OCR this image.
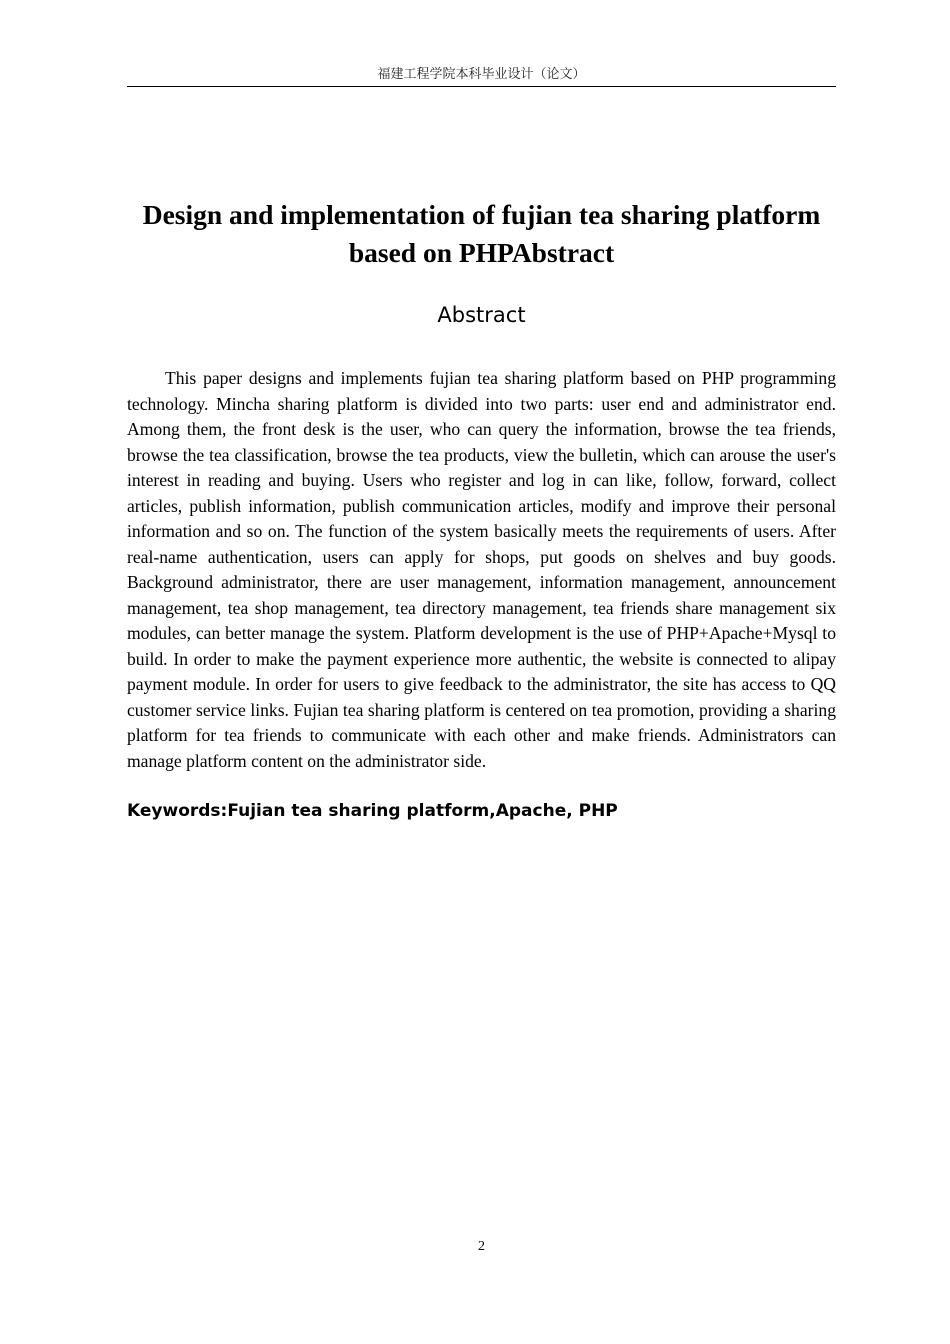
福建工程学院本科毕业设计（论文）
Design and implementation of fujian tea sharing platform based on PHPAbstract
Abstract

This paper designs and implements fujian tea sharing platform based on PHP programming technology. Mincha sharing platform is divided into two parts: user end and administrator end. Among them, the front desk is the user, who can query the information, browse the tea friends, browse the tea classification, browse the tea products, view the bulletin, which can arouse the user's interest in reading and buying. Users who register and log in can like, follow, forward, collect articles, publish information, publish communication articles, modify and improve their personal information and so on. The function of the system basically meets the requirements of users. After real-name authentication, users can apply for shops, put goods on shelves and buy goods. Background administrator, there are user management, information management, announcement management, tea shop management, tea directory management, tea friends share management six modules, can better manage the system. Platform development is the use of PHP+Apache+Mysql to build. In order to make the payment experience more authentic, the website is connected to alipay payment module. In order for users to give feedback to the administrator, the site has access to QQ customer service links. Fujian tea sharing platform is centered on tea promotion, providing a sharing platform for tea friends to communicate with each other and make friends. Administrators can manage platform content on the administrator side.

Keywords:Fujian tea sharing platform,Apache, PHP

2
